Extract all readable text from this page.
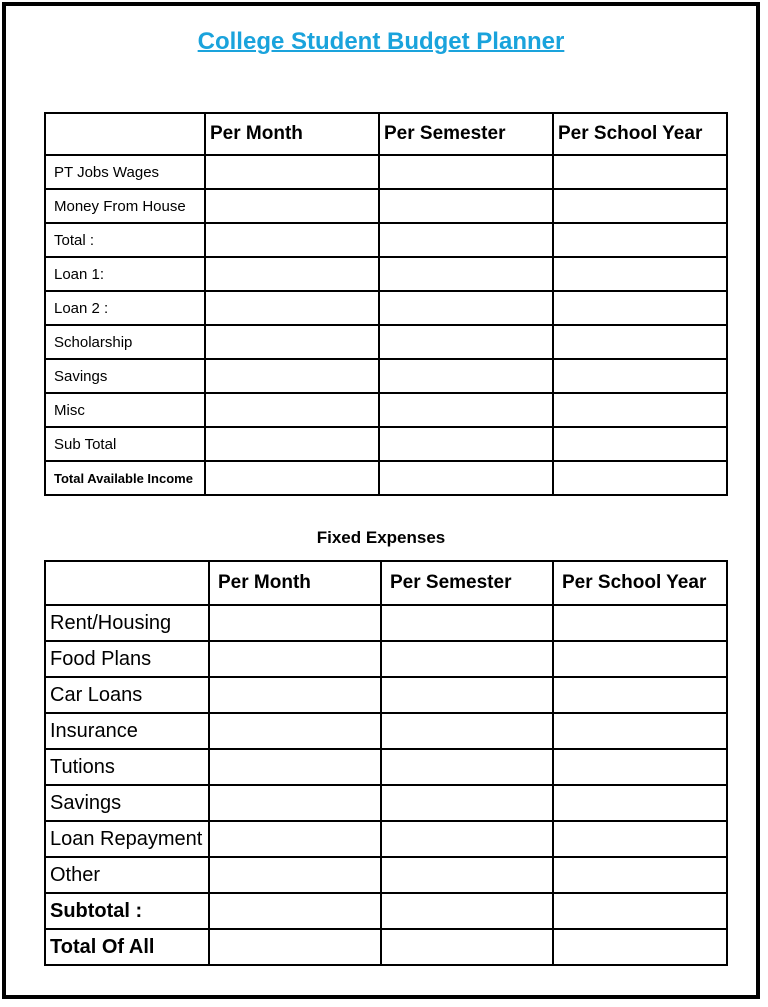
College Student Budget Planner
	Per Month	Per Semester	Per School Year
PT Jobs Wages			
Money From House			
Total :			
Loan 1:			
Loan 2 :			
Scholarship			
Savings			
Misc			
Sub Total			
Total Available Income			
Fixed Expenses
	Per Month	Per Semester	Per School Year
Rent/Housing			
Food Plans			
Car Loans			
Insurance			
Tutions			
Savings			
Loan Repayment			
Other			
Subtotal :			
Total Of All			
